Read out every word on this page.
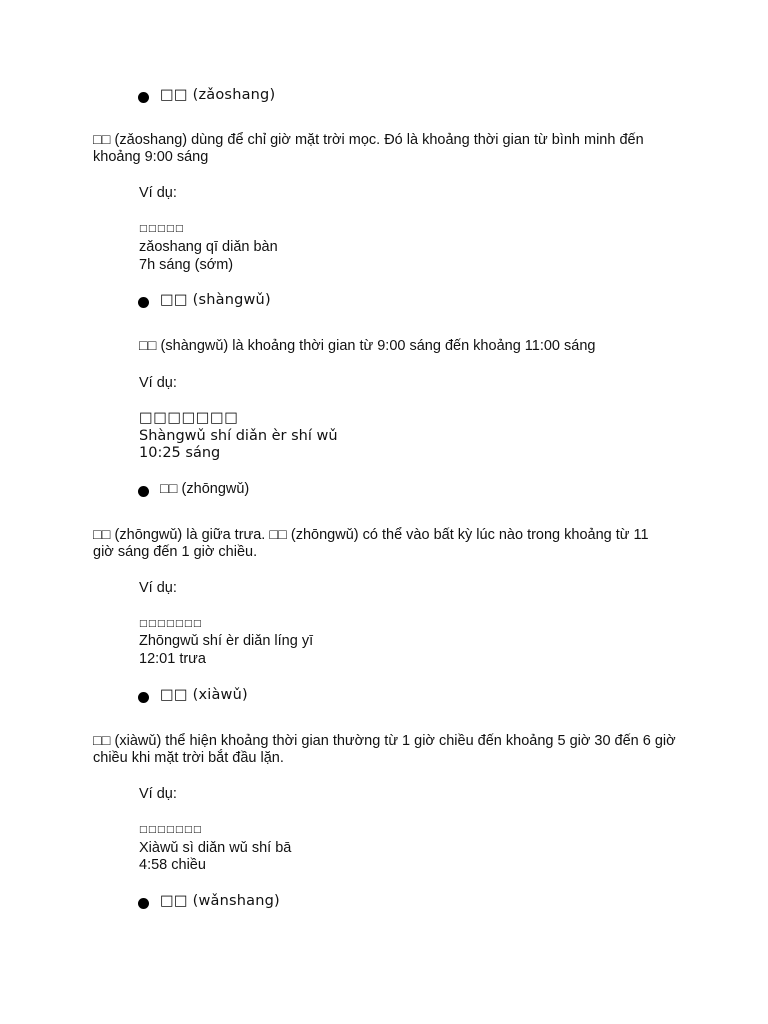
□□ (zǎoshang)
□□ (zǎoshang) dùng để chỉ giờ mặt trời mọc. Đó là khoảng thời gian từ bình minh đến khoảng 9:00 sáng
Ví dụ:
□□□□□
zǎoshang qī diǎn bàn
7h sáng (sớm)
□□ (shàngwǔ)
□□ (shàngwǔ) là khoảng thời gian từ 9:00 sáng đến khoảng 11:00 sáng
Ví dụ:
□□□□□□□
Shàngwǔ shí diǎn èr shí wǔ
10:25 sáng
□□ (zhōngwǔ)
□□ (zhōngwǔ) là giữa trưa. □□ (zhōngwǔ) có thể vào bất kỳ lúc nào trong khoảng từ 11 giờ sáng đến 1 giờ chiều.
Ví dụ:
□□□□□□□
Zhōngwǔ shí èr diǎn líng yī
12:01 trưa
□□ (xiàwǔ)
□□ (xiàwǔ) thể hiện khoảng thời gian thường từ 1 giờ chiều đến khoảng 5 giờ 30 đến 6 giờ chiều khi mặt trời bắt đầu lặn.
Ví dụ:
□□□□□□□
Xiàwǔ sì diǎn wǔ shí bā
4:58 chiều
□□ (wǎnshang)
